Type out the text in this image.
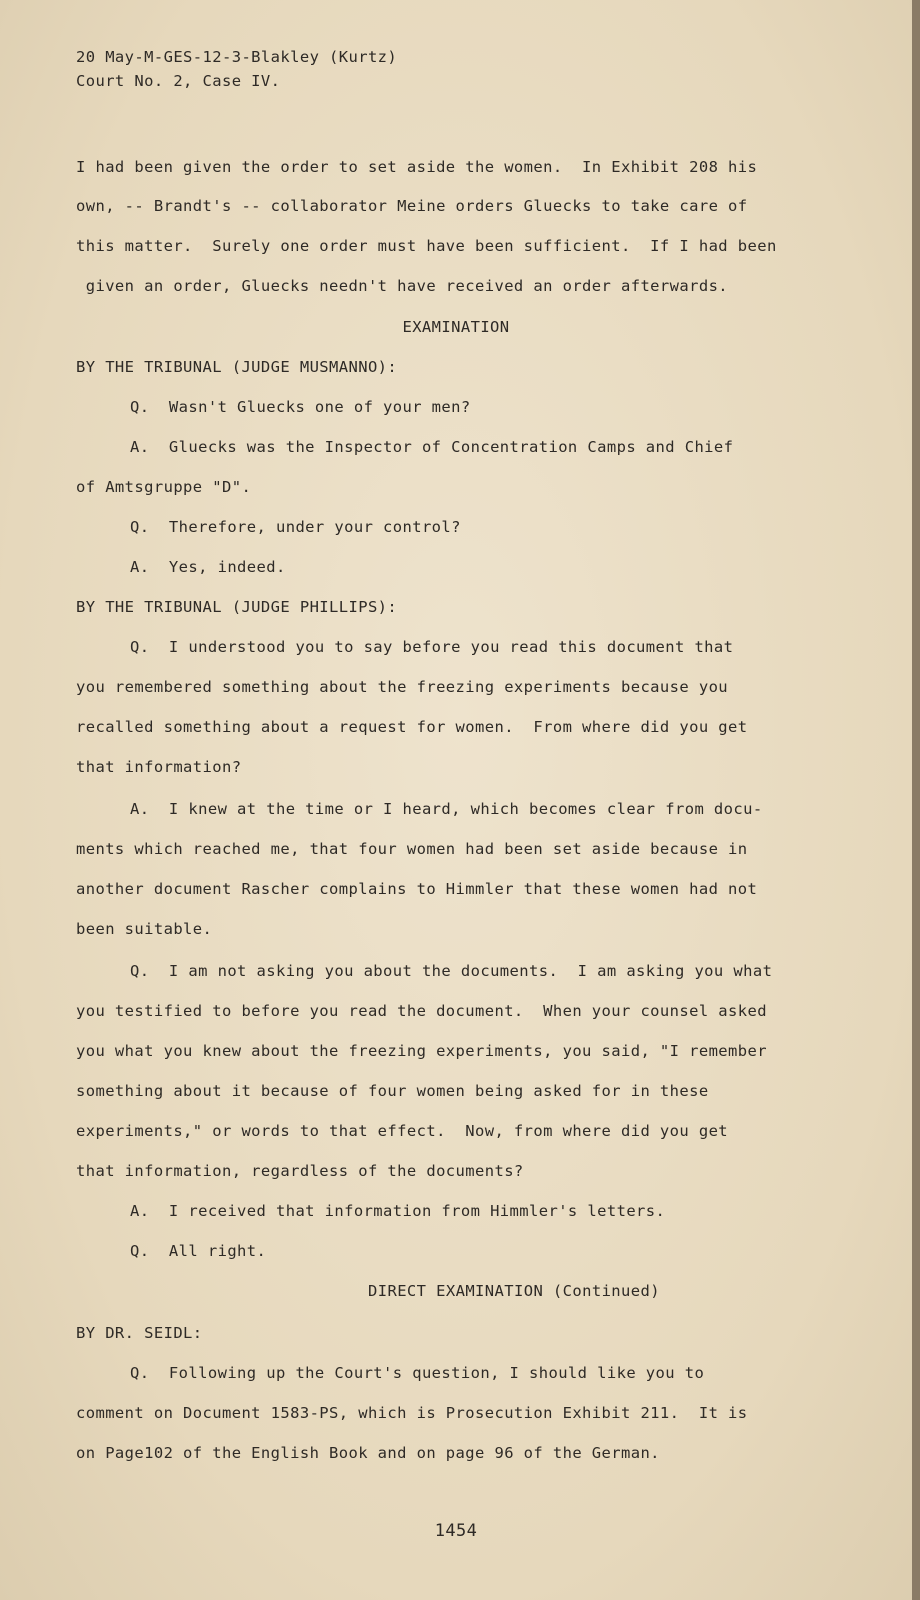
20 May-M-GES-12-3-Blakley (Kurtz)
Court No. 2, Case IV.
I had been given the order to set aside the women.  In Exhibit 208 his
own, -- Brandt's -- collaborator Meine orders Gluecks to take care of
this matter.  Surely one order must have been sufficient.  If I had been
given an order, Gluecks needn't have received an order afterwards.
EXAMINATION
BY THE TRIBUNAL (JUDGE MUSMANNO):
Q.  Wasn't Gluecks one of your men?
A.  Gluecks was the Inspector of Concentration Camps and Chief
of Amtsgruppe "D".
Q.  Therefore, under your control?
A.  Yes, indeed.
BY THE TRIBUNAL (JUDGE PHILLIPS):
Q.  I understood you to say before you read this document that
you remembered something about the freezing experiments because you
recalled something about a request for women.  From where did you get
that information?
A.  I knew at the time or I heard, which becomes clear from docu-
ments which reached me, that four women had been set aside because in
another document Rascher complains to Himmler that these women had not
been suitable.
Q.  I am not asking you about the documents.  I am asking you what
you testified to before you read the document.  When your counsel asked
you what you knew about the freezing experiments, you said, "I remember
something about it because of four women being asked for in these
experiments," or words to that effect.  Now, from where did you get
that information, regardless of the documents?
A.  I received that information from Himmler's letters.
Q.  All right.
DIRECT EXAMINATION (Continued)
BY DR. SEIDL:
Q.  Following up the Court's question, I should like you to
comment on Document 1583-PS, which is Prosecution Exhibit 211.  It is
on Page102 of the English Book and on page 96 of the German.
1454
